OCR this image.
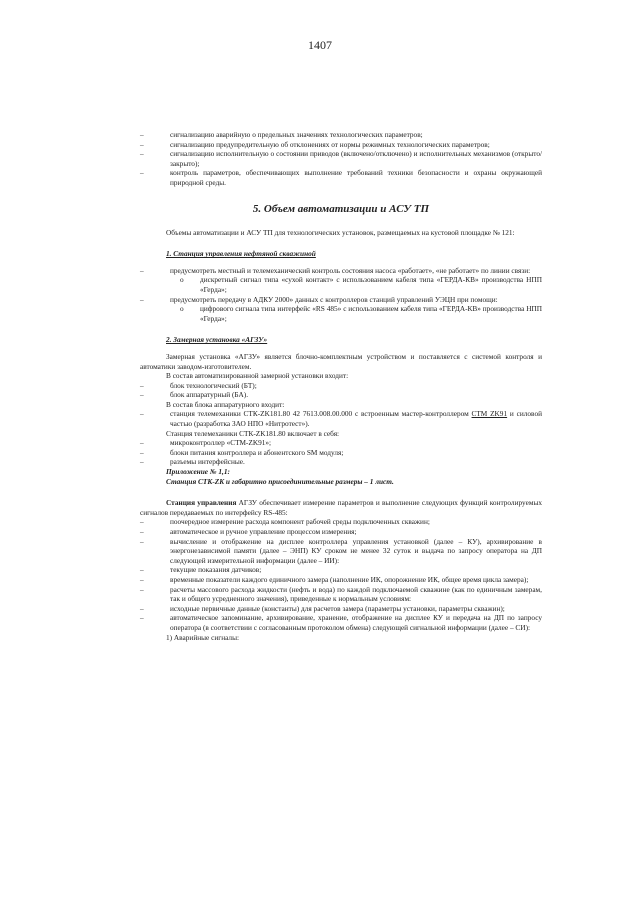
1407

–	сигнализацию аварийную о предельных значениях технологических параметров;

–	сигнализацию предупредительную об отклонениях от нормы режимных технологических параметров;

–	сигнализацию исполнительную о состоянии приводов (включено/отключено) и исполнительных механизмов (открыто/закрыто);

–	контроль параметров, обеспечивающих выполнение требований техники безопасности и охраны окружающей природной среды.

5. Объем автоматизации и АСУ ТП

Объемы автоматизации и АСУ ТП для технологических установок, размещаемых на кустовой площадке № 121:

1. Станция управления нефтяной скважиной

–	предусмотреть местный и телемеханический контроль состояния насоса «работает», «не работает» по линии связи:

o дискретный сигнал типа «сухой контакт» с использованием кабеля типа «ГЕРДА-КВ» производства НПП «Герда»;

–	предусмотреть передачу в АДКУ 2000» данных с контроллеров станций управлений УЭЦН при помощи:

o цифрового сигнала типа интерфейс «RS 485» с использованием кабеля типа «ГЕРДА-КВ» производства НПП «Герда»;

2. Замерная установка «АГЗУ»

Замерная установка «АГЗУ» является блочно-комплектным устройством и поставляется с системой контроля и автоматики заводом-изготовителем.

В состав автоматизированной замерной установки входит:

–	блок технологический (БТ);

–	блок аппаратурный (БА).

В состав блока аппаратурного входит:

–	станция телемеханики СТК-ZK181.80 42 7613.008.00.000 с встроенным мастер-контроллером СТМ ZK91 и силовой частью (разработка ЗАО НПО «Нитротест»).

Станция телемеханики СТК-ZK181.80 включает в себя:

–	микроконтроллер «СТМ-ZK91»;

–	блоки питания контроллера и абонентского SM модуля;

–	разъемы интерфейсные.

Приложение № 1,1:

Станция СТК-ZK и габаритно присоединительные размеры – 1 лист.

Станция управления АГЗУ обеспечивает измерение параметров и выполнение следующих функций контролируемых сигналов передаваемых по интерфейсу RS-485:

–	поочередное измерение расхода компонент рабочей среды подключенных скважин;

–	автоматическое и ручное управление процессом измерения;

–	вычисление и отображение на дисплее контроллера управления установкой (далее – КУ), архивирование в энергонезависимой памяти (далее – ЭНП) КУ сроком не менее 32 суток и выдача по запросу оператора на ДП следующей измерительной информации (далее – ИИ):

–	текущие показания датчиков;

–	временные показатели каждого единичного замера (наполнение ИК, опорожнение ИК, общее время цикла замера);

–	расчеты массового расхода жидкости (нефть и вода) по каждой подключаемой скважине (как по единичным замерам, так и общего усредненного значения), приведенные к нормальным условиям:

–	исходные первичные данные (константы) для расчетов замера (параметры установки, параметры скважин);

–	автоматическое запоминание, архивирование, хранение, отображение на дисплее КУ и передача на ДП по запросу оператора (в соответствии с согласованным протоколом обмена) следующей сигнальной информации (далее – СИ):

1) Аварийные сигналы:
